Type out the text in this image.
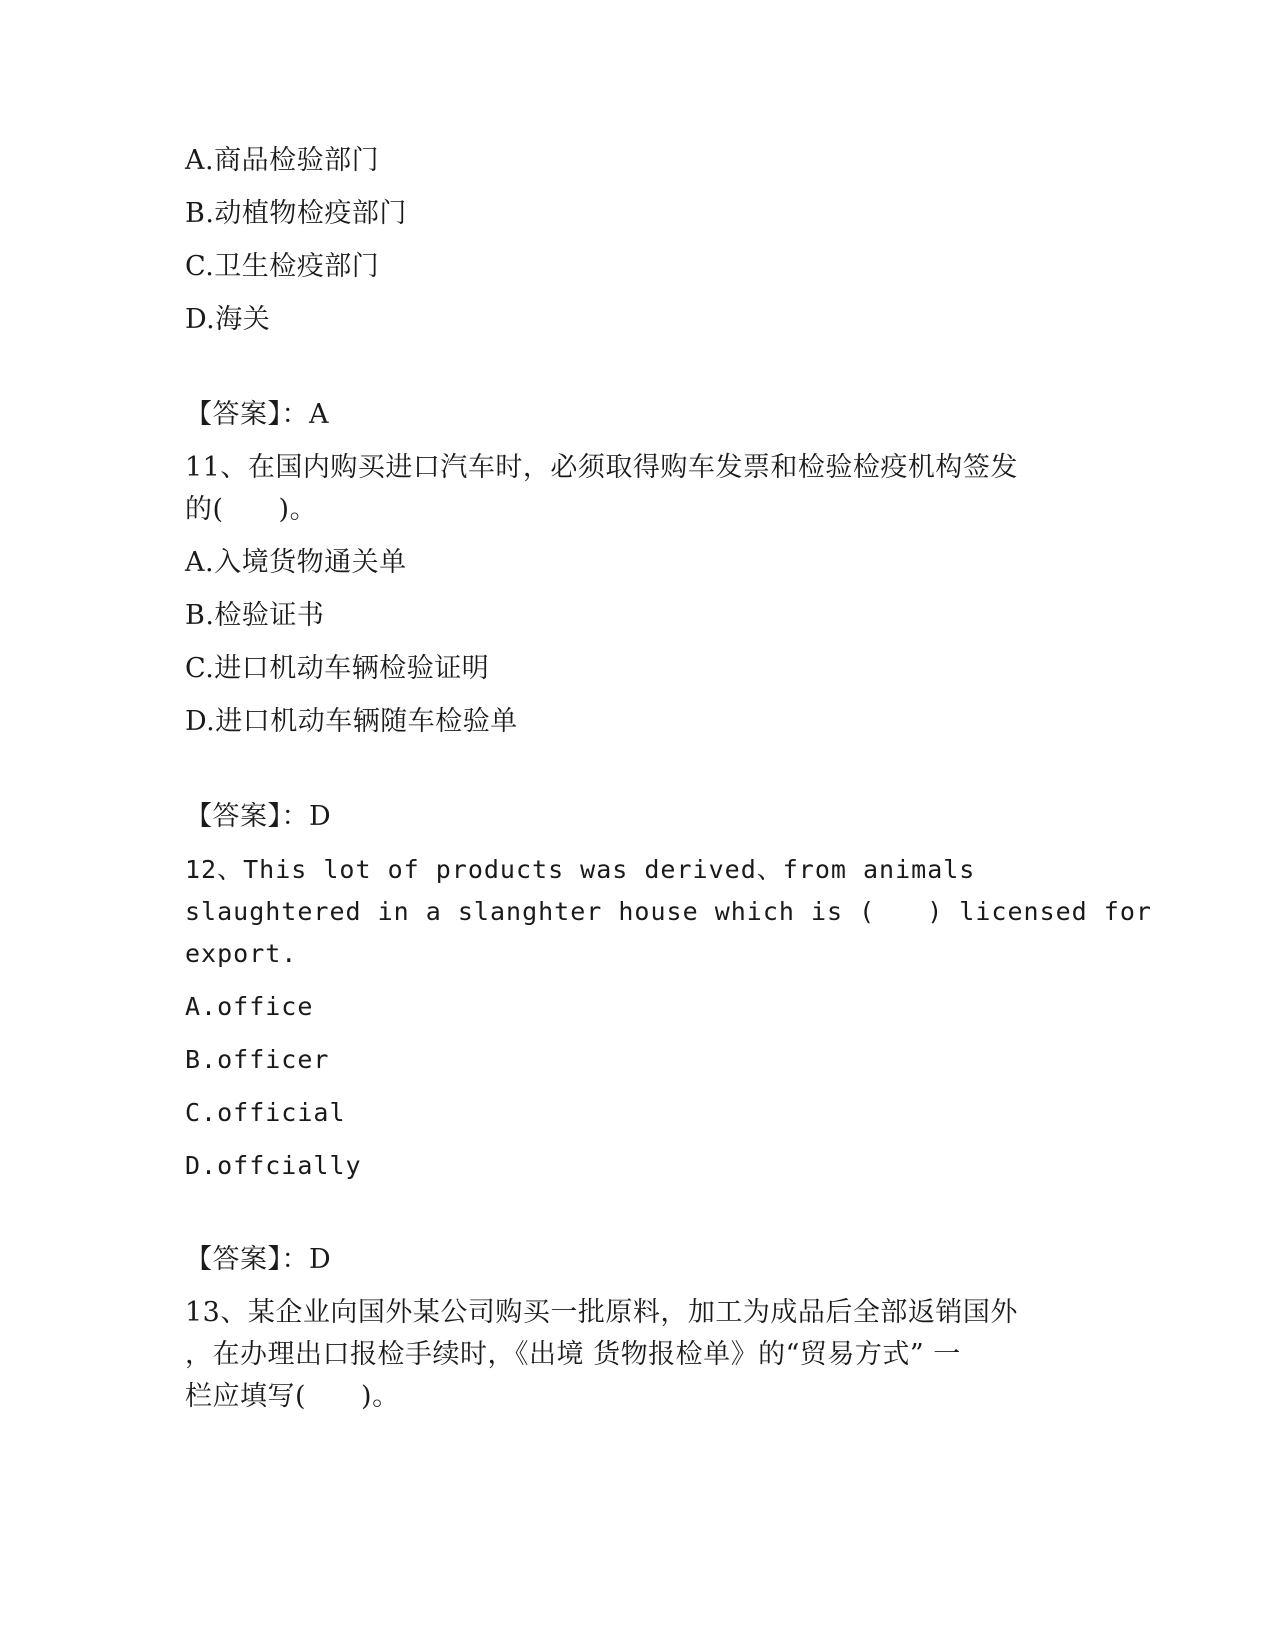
A.商品检验部门
B.动植物检疫部门
C.卫生检疫部门
D.海关
【答案】：A
11、在国内购买进口汽车时，必须取得购车发票和检验检疫机构签发
的(　　)。
A.入境货物通关单
B.检验证书
C.进口机动车辆检验证明
D.进口机动车辆随车检验单
【答案】：D
12、This lot of products was derived、from animals
slaughtered in a slanghter house which is (　　) licensed for
export.
A.office
B.officer
C.official
D.offcially
【答案】：D
13、某企业向国外某公司购买一批原料，加工为成品后全部返销国外
，在办理出口报检手续时，《出境 货物报检单》的“贸易方式” 一
栏应填写(　　)。
